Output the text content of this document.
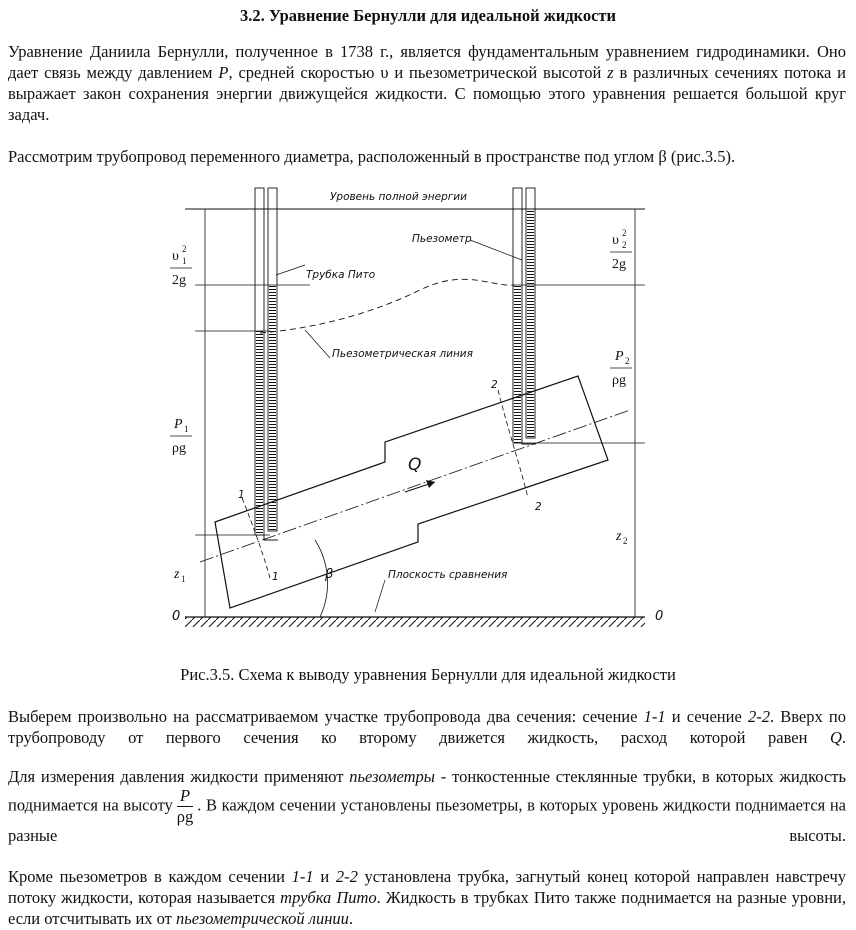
3.2. Уравнение Бернулли для идеальной жидкости

Уравнение Даниила Бернулли, полученное в 1738 г., является фундаментальным уравнением гидродинамики. Оно дает связь между давлением Р, средней скоростью υ и пьезометрической высотой z в различных сечениях потока и выражает закон сохранения энергии движущейся жидкости. С помощью этого уравнения решается большой круг задач.

Рассмотрим трубопровод переменного диаметра, расположенный в пространстве под углом β (рис.3.5).

Уровень полной энергии
Пьезометр
Трубка Пито
Пьезометрическая линия
Плоскость сравнения
Q
β
1
1
2
2
0	0
υ 1
2
2g
Р 1
ρg
z 1
υ 2
2
2g
Р 2
ρg
z 2

Рис.3.5. Схема к выводу уравнения Бернулли для идеальной жидкости

Выберем произвольно на рассматриваемом участке трубопровода два сечения: сечение 1-1 и сечение 2-2. Вверх по трубопроводу от первого сечения ко второму движется жидкость, расход которой равен Q.

Для измерения давления жидкости применяют пьезометры - тонкостенные стеклянные трубки, в которых жидкость поднимается на высоту $\frac{Р}{\rho g}$ . В каждом сечении установлены пьезометры, в которых уровень жидкости поднимается на разные высоты.

Кроме пьезометров в каждом сечении 1-1 и 2-2 установлена трубка, загнутый конец которой направлен навстречу потоку жидкости, которая называется трубка Пито. Жидкость в трубках Пито также поднимается на разные уровни, если отсчитывать их от пьезометрической линии.
